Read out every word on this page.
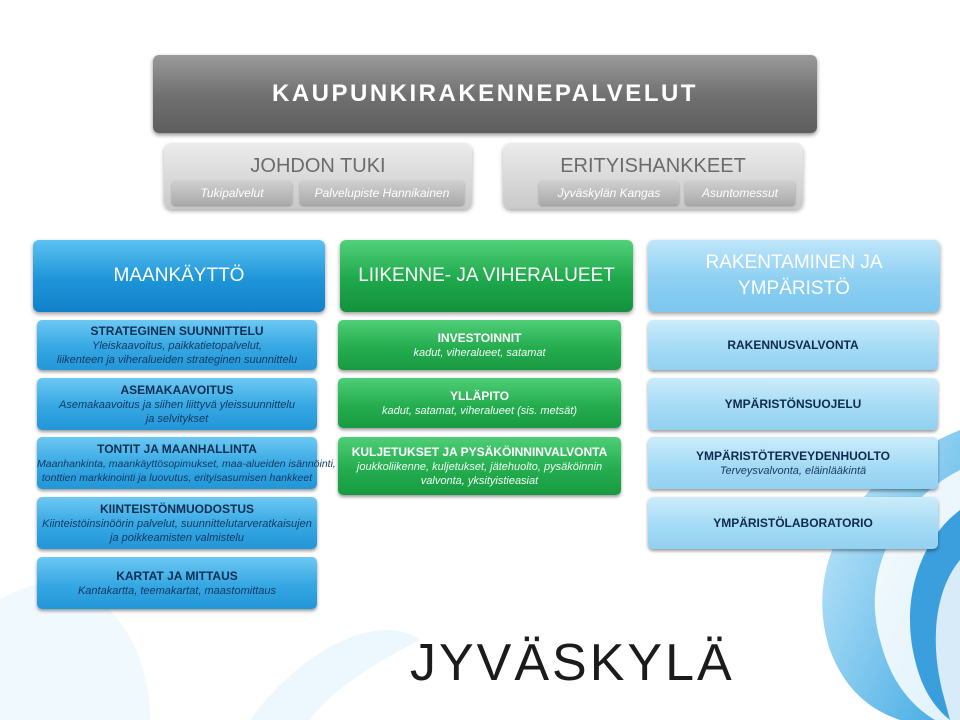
KAUPUNKIRAKENNEPALVELUT
JOHDON TUKI
Tukipalvelut	Palvelupiste Hannikainen
ERITYISHANKKEET
Jyväskylän Kangas	Asuntomessut
MAANKÄYTTÖ	LIIKENNE- JA VIHERALUEET
RAKENTAMINEN JA
YMPÄRISTÖ
STRATEGINEN SUUNNITTELU
Yleiskaavoitus, paikkatietopalvelut,
liikenteen ja viheralueiden strateginen suunnittelu
ASEMAKAAVOITUS
Asemakaavoitus ja siihen liittyvä yleissuunnittelu
ja selvitykset
TONTIT JA MAANHALLINTA
Maanhankinta, maankäyttösopimukset, maa-alueiden isännöinti,
tonttien markkinointi ja luovutus, erityisasumisen hankkeet
KIINTEISTÖNMUODOSTUS
Kiinteistöinsinöörin palvelut, suunnittelutarveratkaisujen
ja poikkeamisten valmistelu
KARTAT JA MITTAUS
Kantakartta, teemakartat, maastomittaus
INVESTOINNIT
kadut, viheralueet, satamat
YLLÄPITO
kadut, satamat, viheralueet (sis. metsät)
KULJETUKSET JA PYSÄKÖINNINVALVONTA
joukkoliikenne, kuljetukset, jätehuolto, pysäköinnin
valvonta, yksityistieasiat
RAKENNUSVALVONTA
YMPÄRISTÖNSUOJELU
YMPÄRISTÖTERVEYDENHUOLTO
Terveysvalvonta, eläinlääkintä
YMPÄRISTÖLABORATORIO
JYVÄSKYLÄ
